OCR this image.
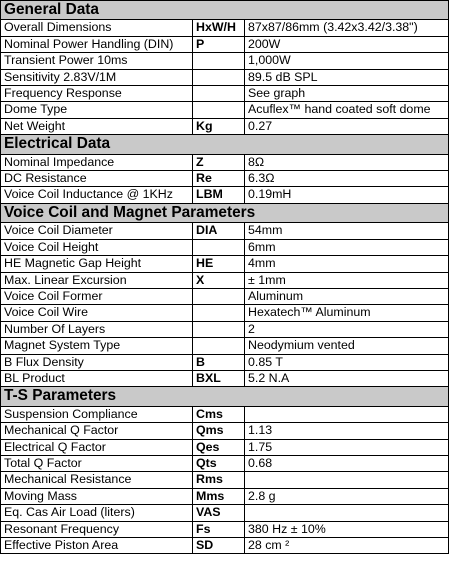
General Data		
Overall Dimensions	HxW/H	87x87/86mm (3.42x3.42/3.38")
Nominal Power Handling (DIN)	P	200W
Transient Power 10ms		1,000W
Sensitivity 2.83V/1M		89.5 dB SPL
Frequency Response		See graph
Dome Type		Acuflex™ hand coated soft dome
Net Weight	Kg	0.27
Electrical Data		
Nominal Impedance	Z	8Ω
DC Resistance	Re	6.3Ω
Voice Coil Inductance @ 1KHz	LBM	0.19mH
Voice Coil and Magnet Parameters		
Voice Coil Diameter	DIA	54mm
Voice Coil Height		6mm
HE Magnetic Gap Height	HE	4mm
Max. Linear Excursion	X	± 1mm
Voice Coil Former		Aluminum
Voice Coil Wire		Hexatech™ Aluminum
Number Of Layers		2
Magnet System Type		Neodymium vented
B Flux Density	B	0.85 T
BL Product	BXL	5.2 N.A
T-S Parameters		
Suspension Compliance	Cms	
Mechanical Q Factor	Qms	1.13
Electrical Q Factor	Qes	1.75
Total Q Factor	Qts	0.68
Mechanical Resistance	Rms	
Moving Mass	Mms	2.8 g
Eq. Cas Air Load (liters)	VAS	
Resonant Frequency	Fs	380 Hz ± 10%
Effective Piston Area	SD	28 cm ²
